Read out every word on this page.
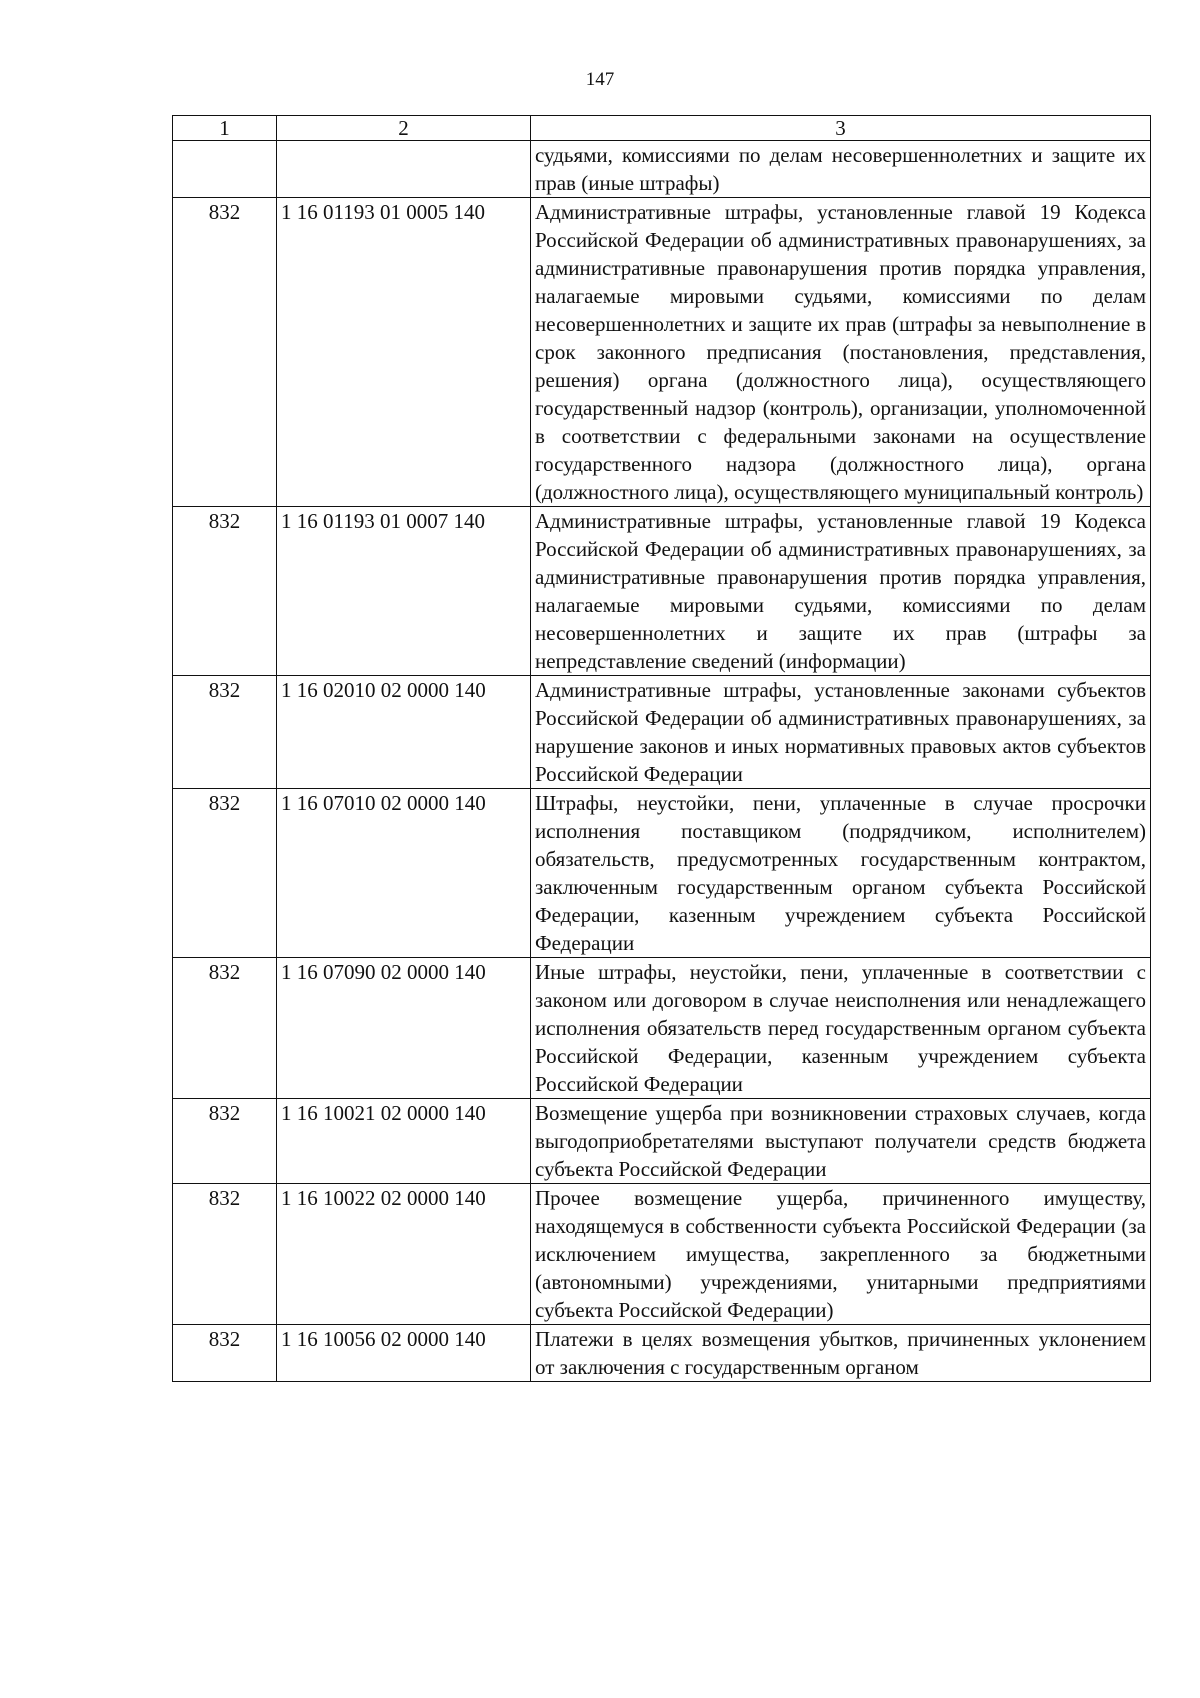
147
1	2	3
		судьями, комиссиями по делам несовершеннолетних и защите их прав (иные штрафы)
832	1 16 01193 01 0005 140	Административные штрафы, установленные главой 19 Кодекса Российской Федерации об административных правонарушениях, за административные правонарушения против порядка управления, налагаемые мировыми судьями, комиссиями по делам несовершеннолетних и защите их прав (штрафы за невыполнение в срок законного предписания (постановления, представления, решения) органа (должностного лица), осуществляющего государственный надзор (контроль), организации, уполномоченной в соответствии с федеральными законами на осуществление государственного надзора (должностного лица), органа (должностного лица), осуществляющего муниципальный контроль)
832	1 16 01193 01 0007 140	Административные штрафы, установленные главой 19 Кодекса Российской Федерации об административных правонарушениях, за административные правонарушения против порядка управления, налагаемые мировыми судьями, комиссиями по делам несовершеннолетних и защите их прав (штрафы за непредставление сведений (информации)
832	1 16 02010 02 0000 140	Административные штрафы, установленные законами субъектов Российской Федерации об административных правонарушениях, за нарушение законов и иных нормативных правовых актов субъектов Российской Федерации
832	1 16 07010 02 0000 140	Штрафы, неустойки, пени, уплаченные в случае просрочки исполнения поставщиком (подрядчиком, исполнителем) обязательств, предусмотренных государственным контрактом, заключенным государственным органом субъекта Российской Федерации, казенным учреждением субъекта Российской Федерации
832	1 16 07090 02 0000 140	Иные штрафы, неустойки, пени, уплаченные в соответствии с законом или договором в случае неисполнения или ненадлежащего исполнения обязательств перед государственным органом субъекта Российской Федерации, казенным учреждением субъекта Российской Федерации
832	1 16 10021 02 0000 140	Возмещение ущерба при возникновении страховых случаев, когда выгодоприобретателями выступают получатели средств бюджета субъекта Российской Федерации
832	1 16 10022 02 0000 140	Прочее возмещение ущерба, причиненного имуществу, находящемуся в собственности субъекта Российской Федерации (за исключением имущества, закрепленного за бюджетными (автономными) учреждениями, унитарными предприятиями субъекта Российской Федерации)
832	1 16 10056 02 0000 140	Платежи в целях возмещения убытков, причиненных уклонением от заключения с государственным органом
